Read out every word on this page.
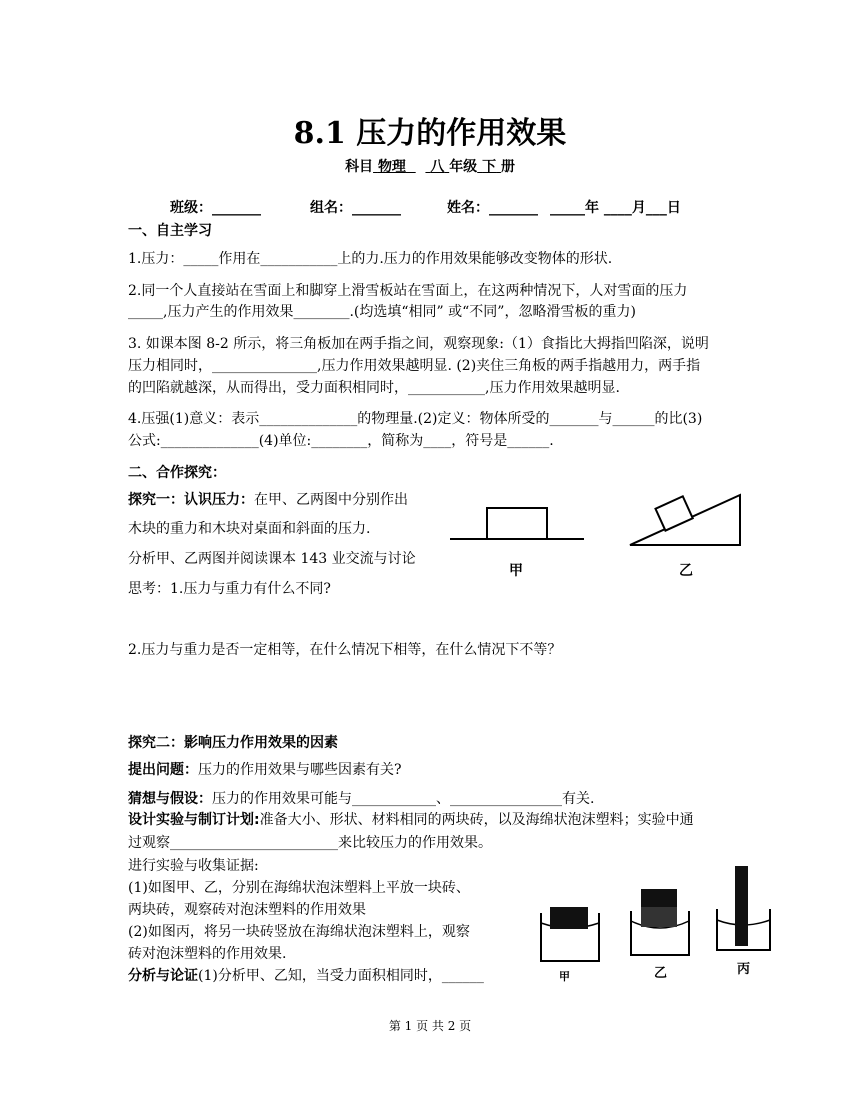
8.1 压力的作用效果
科目 物理 八 年级 下 册
班级：_______	组名：_______	姓名：_______ _____年 ____月___日
一、自主学习
1.压力：_____作用在___________上的力.压力的作用效果能够改变物体的形状.
2.同一个人直接站在雪面上和脚穿上滑雪板站在雪面上，在这两种情况下，人对雪面的压力
_____,压力产生的作用效果________.(均选填“相同” 或“不同”，忽略滑雪板的重力)
3. 如课本图 8-2 所示，将三角板加在两手指之间，观察现象:（1）食指比大拇指凹陷深，说明
压力相同时，_______________,压力作用效果越明显. (2)夹住三角板的两手指越用力，两手指
的凹陷就越深，从而得出，受力面积相同时，___________,压力作用效果越明显.
4.压强(1)意义：表示______________的物理量.(2)定义：物体所受的_______与______的比(3)
公式:______________(4)单位:________，简称为____，符号是______.
二、合作探究：
探究一：认识压力：在甲、乙两图中分别作出
木块的重力和木块对桌面和斜面的压力.
分析甲、乙两图并阅读课本 143 业交流与讨论
思考：1.压力与重力有什么不同?
甲	乙
2.压力与重力是否一定相等，在什么情况下相等，在什么情况下不等？
探究二：影响压力作用效果的因素
提出问题：压力的作用效果与哪些因素有关?
猜想与假设：压力的作用效果可能与____________、________________有关.
设计实验与制订计划:准备大小、形状、材料相同的两块砖，以及海绵状泡沫塑料；实验中通
过观察________________________来比较压力的作用效果。
进行实验与收集证据:
(1)如图甲、乙，分别在海绵状泡沫塑料上平放一块砖、
两块砖，观察砖对泡沫塑料的作用效果
(2)如图丙，将另一块砖竖放在海绵状泡沫塑料上，观察
砖对泡沫塑料的作用效果.
分析与论证(1)分析甲、乙知，当受力面积相同时，______	甲	乙	丙
第 1 页 共 2 页
